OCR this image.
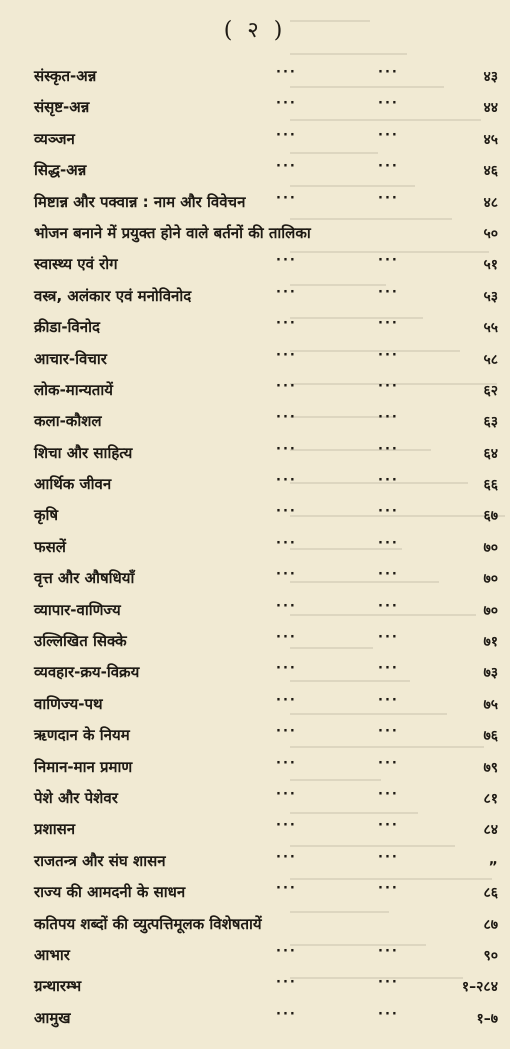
( २ )
संस्कृत-अन्न	···	···	४३
संसृष्ट-अन्न	···	···	४४
व्यञ्जन	···	···	४५
सिद्ध-अन्न	···	···	४६
मिष्टान्न और पक्वान्न : नाम और विवेचन ···	···	४८
भोजन बनाने में प्रयुक्त होने वाले बर्तनों की तालिका	५०
स्वास्थ्य एवं रोग	···	···	५१
वस्त्र, अलंकार एवं मनोविनोद	···	···	५३
क्रीडा-विनोद	···	···	५५
आचार-विचार	···	···	५८
लोक-मान्यतायें	···	···	६२
कला-कौशल	···	···	६३
शिचा और साहित्य	···	···	६४
आर्थिक जीवन	···	···	६६
कृषि	···	···	६७
फसलें	···	···	७०
वृत्त और औषधियाँ	···	···	७०
व्यापार-वाणिज्य	···	···	७०
उल्लिखित सिक्के	···	···	७१
व्यवहार-क्रय-विक्रय	···	···	७३
वाणिज्य-पथ	···	···	७५
ऋणदान के नियम	···	···	७६
निमान-मान प्रमाण	···	···	७९
पेशे और पेशेवर	···	···	८१
प्रशासन	···	···	८४
राजतन्त्र और संघ शासन	···	···	„
राज्य की आमदनी के साधन	···	···	८६
कतिपय शब्दों की व्युत्पत्तिमूलक विशेषतायें	८७
आभार	···	···	९०
ग्रन्थारम्भ	···	···	१–२८४
आमुख	···	···	१–७
